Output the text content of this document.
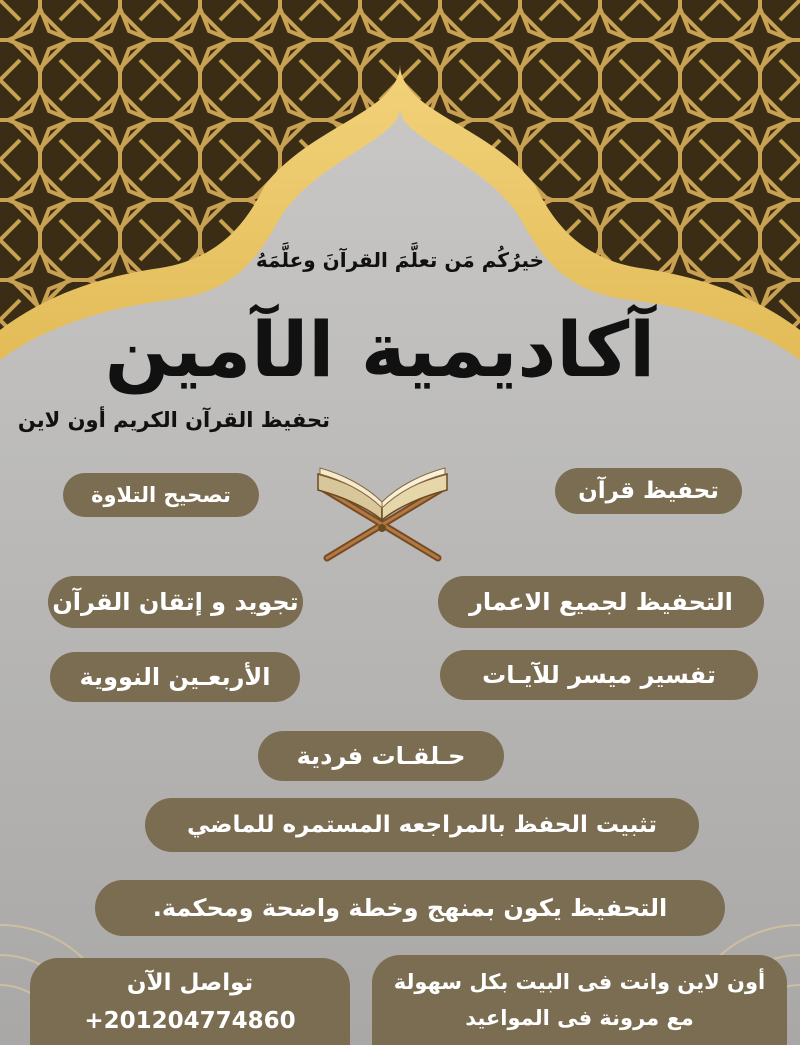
خيرُكُم مَن تعلَّمَ القرآنَ وعلَّمَهُ
آكاديمية الآمين
تحفيظ القرآن الكريم أون لاين
تحفيظ قرآن
تصحيح التلاوة
التحفيظ لجميع الاعمار
تجويد و إتقان القرآن
تفسير ميسر للآيـات
الأربعـين النووية
حـلقـات فردية
تثبيت الحفظ بالمراجعه المستمره للماضي
التحفيظ يكون بمنهج وخطة واضحة ومحكمة.
تواصل الآن
+201204774860
أون لاين وانت فى البيت بكل سهولة
مع مرونة فى المواعيد
